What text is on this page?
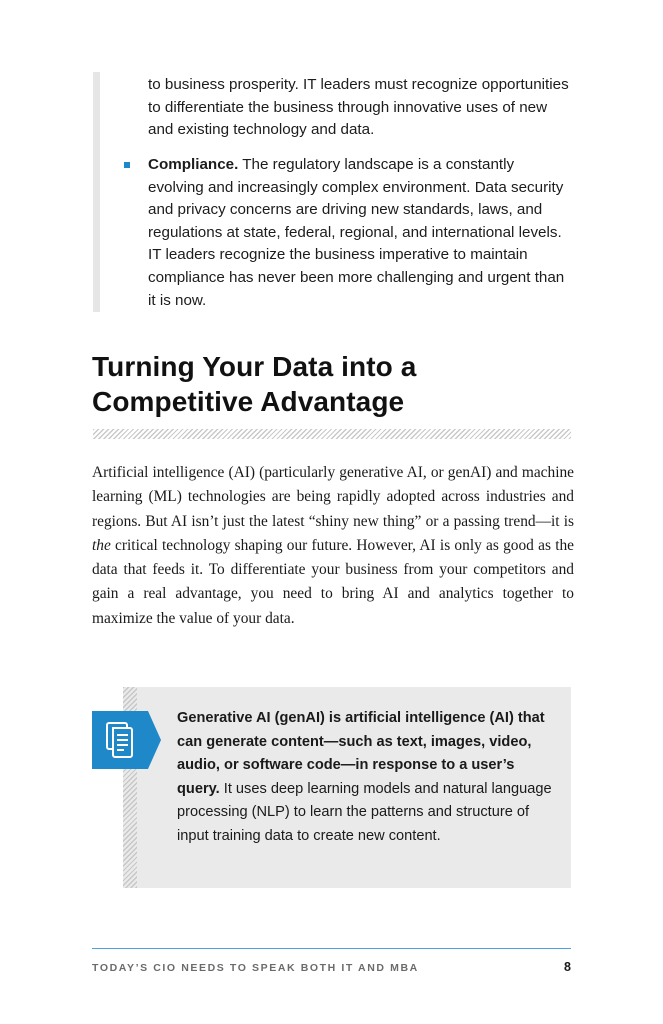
to business prosperity. IT leaders must recognize opportunities to differentiate the business through innovative uses of new and existing technology and data.

Compliance. The regulatory landscape is a constantly evolving and increasingly complex environment. Data security and privacy concerns are driving new standards, laws, and regulations at state, federal, regional, and international levels. IT leaders recognize the business imperative to maintain compliance has never been more challenging and urgent than it is now.
Turning Your Data into a
Competitive Advantage

Artificial intelligence (AI) (particularly generative AI, or genAI) and machine learning (ML) technologies are being rapidly adopted across industries and regions. But AI isn’t just the latest “shiny new thing” or a passing trend—it is the critical technology shaping our future. However, AI is only as good as the data that feeds it. To differentiate your business from your competitors and gain a real advantage, you need to bring AI and analytics together to maximize the value of your data.

Generative AI (genAI) is artificial intelligence (AI) that can generate content—such as text, images, video, audio, or software code—in response to a user’s query. It uses deep learning models and natural language processing (NLP) to learn the patterns and structure of input training data to create new content.

TODAY’S CIO NEEDS TO SPEAK BOTH IT AND MBA	8
